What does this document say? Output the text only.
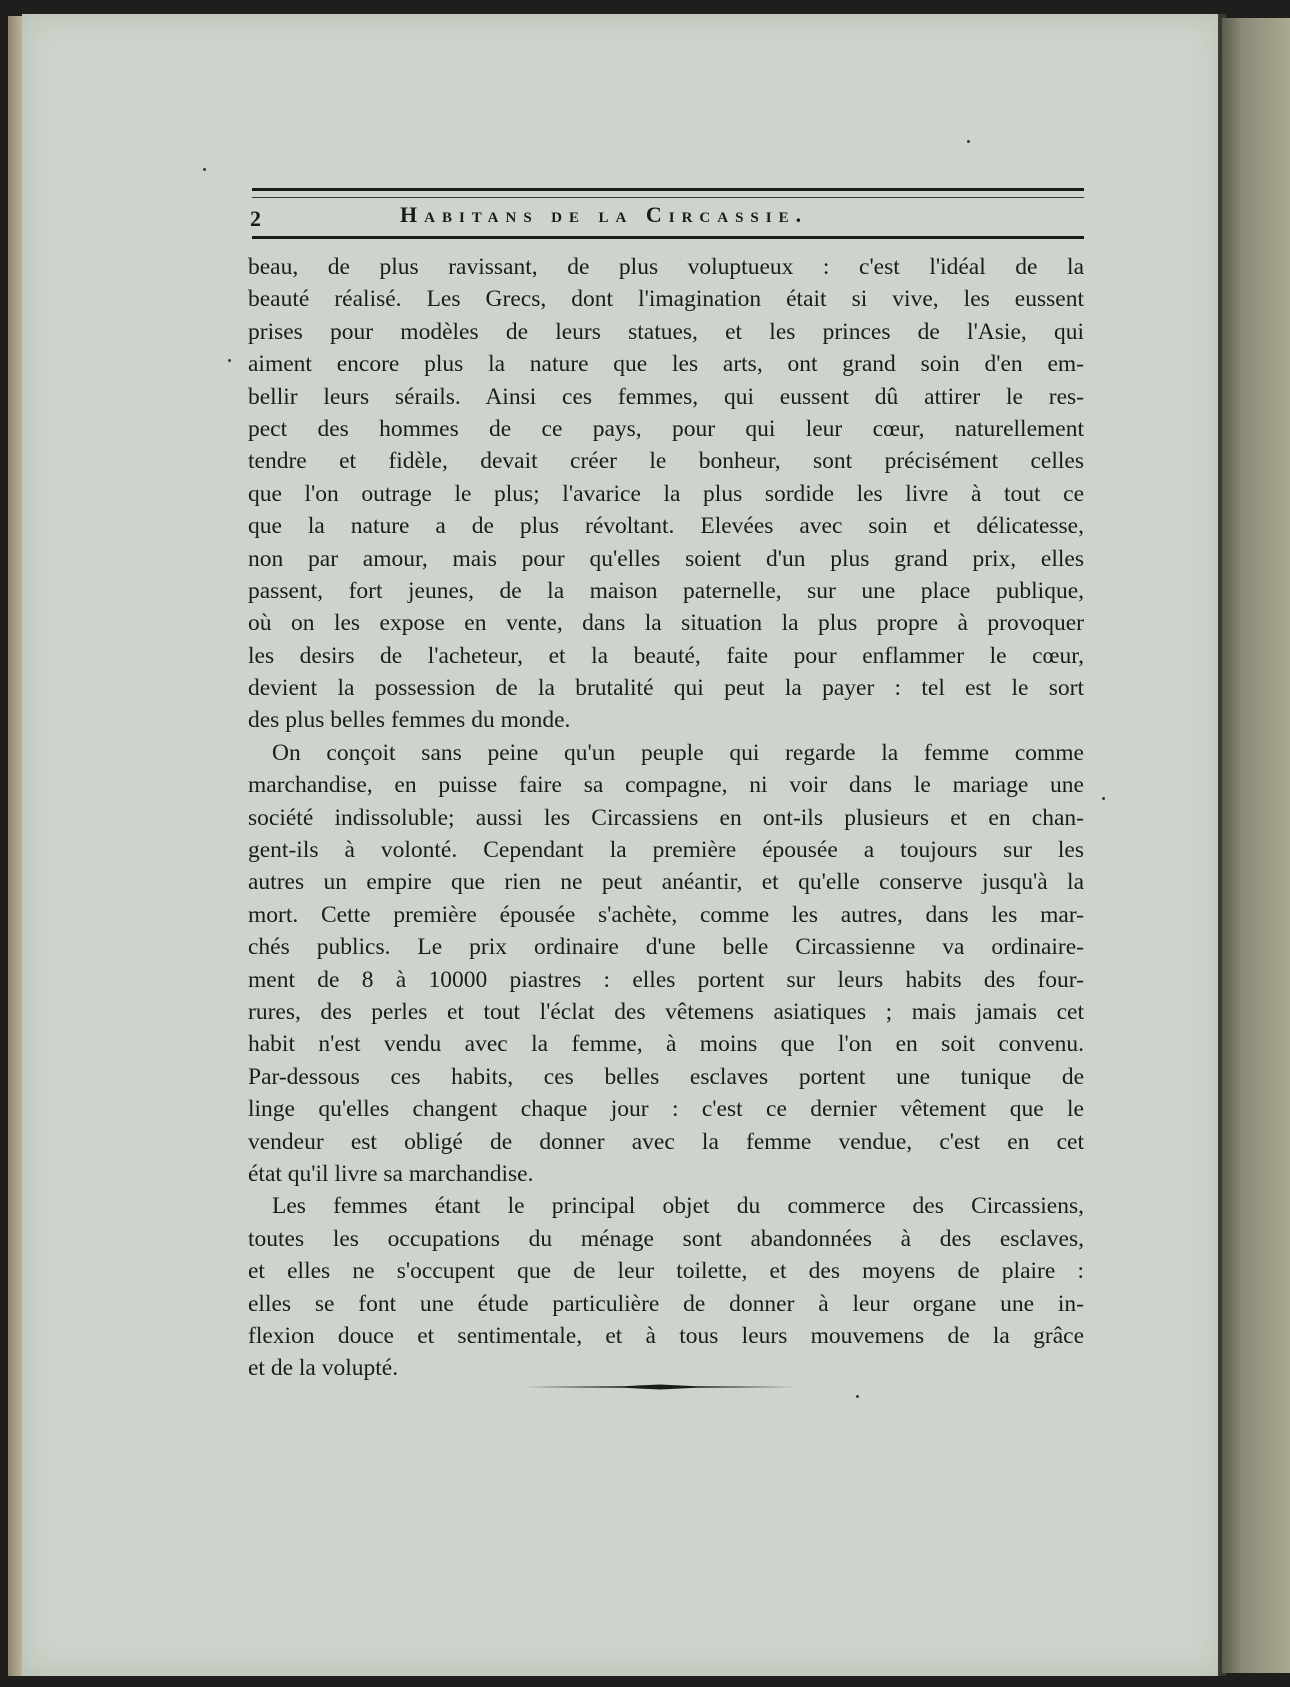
2	Habitans de la Circassie.
beau, de plus ravissant, de plus voluptueux : c'est l'idéal de la
beauté réalisé. Les Grecs, dont l'imagination était si vive, les eussent
prises pour modèles de leurs statues, et les princes de l'Asie, qui
aiment encore plus la nature que les arts, ont grand soin d'en em-
bellir leurs sérails. Ainsi ces femmes, qui eussent dû attirer le res-
pect des hommes de ce pays, pour qui leur cœur, naturellement
tendre et fidèle, devait créer le bonheur, sont précisément celles
que l'on outrage le plus; l'avarice la plus sordide les livre à tout ce
que la nature a de plus révoltant. Elevées avec soin et délicatesse,
non par amour, mais pour qu'elles soient d'un plus grand prix, elles
passent, fort jeunes, de la maison paternelle, sur une place publique,
où on les expose en vente, dans la situation la plus propre à provoquer
les desirs de l'acheteur, et la beauté, faite pour enflammer le cœur,
devient la possession de la brutalité qui peut la payer : tel est le sort
des plus belles femmes du monde.
On conçoit sans peine qu'un peuple qui regarde la femme comme
marchandise, en puisse faire sa compagne, ni voir dans le mariage une
société indissoluble; aussi les Circassiens en ont-ils plusieurs et en chan-
gent-ils à volonté. Cependant la première épousée a toujours sur les
autres un empire que rien ne peut anéantir, et qu'elle conserve jusqu'à la
mort. Cette première épousée s'achète, comme les autres, dans les mar-
chés publics. Le prix ordinaire d'une belle Circassienne va ordinaire-
ment de 8 à 10000 piastres : elles portent sur leurs habits des four-
rures, des perles et tout l'éclat des vêtemens asiatiques ; mais jamais cet
habit n'est vendu avec la femme, à moins que l'on en soit convenu.
Par-dessous ces habits, ces belles esclaves portent une tunique de
linge qu'elles changent chaque jour : c'est ce dernier vêtement que le
vendeur est obligé de donner avec la femme vendue, c'est en cet
état qu'il livre sa marchandise.
Les femmes étant le principal objet du commerce des Circassiens,
toutes les occupations du ménage sont abandonnées à des esclaves,
et elles ne s'occupent que de leur toilette, et des moyens de plaire :
elles se font une étude particulière de donner à leur organe une in-
flexion douce et sentimentale, et à tous leurs mouvemens de la grâce
et de la volupté.
